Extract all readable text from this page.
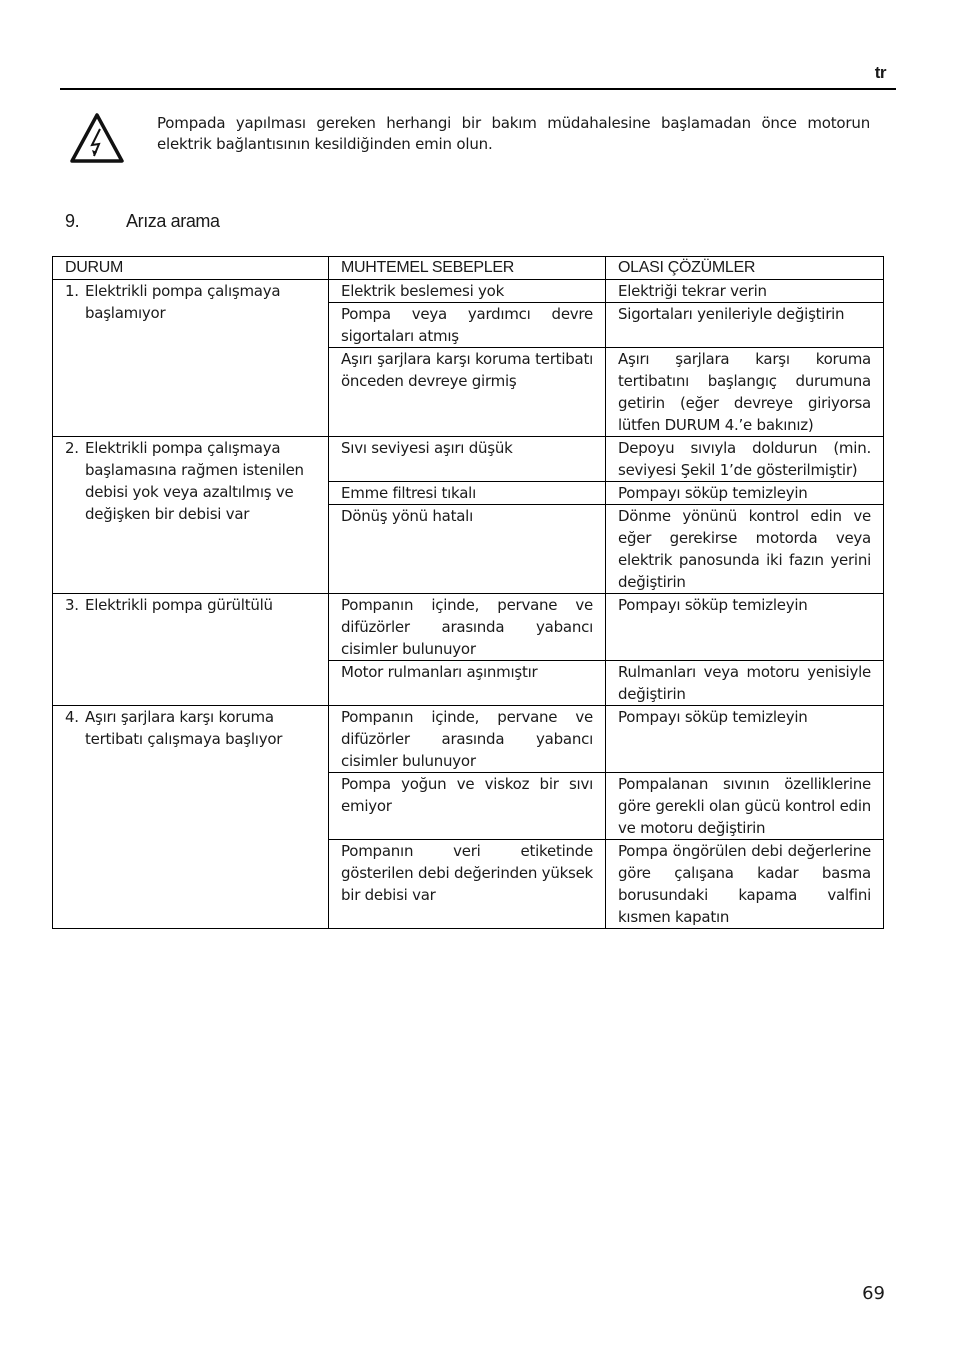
tr
Pompada yapılması gereken herhangi bir bakım müdahalesine başlamadan önce motorun elektrik bağlantısının kesildiğinden emin olun.
9.	Arıza arama
DURUM	MUHTEMEL SEBEPLER	OLASI ÇÖZÜMLER

1. Elektrikli pompa çalışmaya başlamıyor	Elektrik beslemesi yok	Elektriği tekrar verin
	Pompa veya yardımcı devre sigortaları atmış	Sigortaları yenileriyle değiştirin
	Aşırı şarjlara karşı koruma tertibatı önceden devreye girmiş	Aşırı şarjlara karşı koruma tertibatını başlangıç durumuna getirin (eğer devreye giriyorsa lütfen DURUM 4.’e bakınız)

2. Elektrikli pompa çalışmaya başlamasına rağmen istenilen debisi yok veya azaltılmış ve değişken bir debisi var	Sıvı seviyesi aşırı düşük	Depoyu sıvıyla doldurun (min. seviyesi Şekil 1’de gösterilmiştir)
	Emme filtresi tıkalı	Pompayı söküp temizleyin
	Dönüş yönü hatalı	Dönme yönünü kontrol edin ve eğer gerekirse motorda veya elektrik panosunda iki fazın yerini değiştirin

3. Elektrikli pompa gürültülü	Pompanın içinde, pervane ve difüzörler arasında yabancı cisimler bulunuyor	Pompayı söküp temizleyin
	Motor rulmanları aşınmıştır	Rulmanları veya motoru yenisiyle değiştirin

4. Aşırı şarjlara karşı koruma tertibatı çalışmaya başlıyor	Pompanın içinde, pervane ve difüzörler arasında yabancı cisimler bulunuyor	Pompayı söküp temizleyin
	Pompa yoğun ve viskoz bir sıvı emiyor	Pompalanan sıvının özelliklerine göre gerekli olan gücü kontrol edin ve motoru değiştirin
	Pompanın veri etiketinde gösterilen debi değerinden yüksek bir debisi var	Pompa öngörülen debi değerlerine göre çalışana kadar basma borusundaki kapama valfini kısmen kapatın
69
